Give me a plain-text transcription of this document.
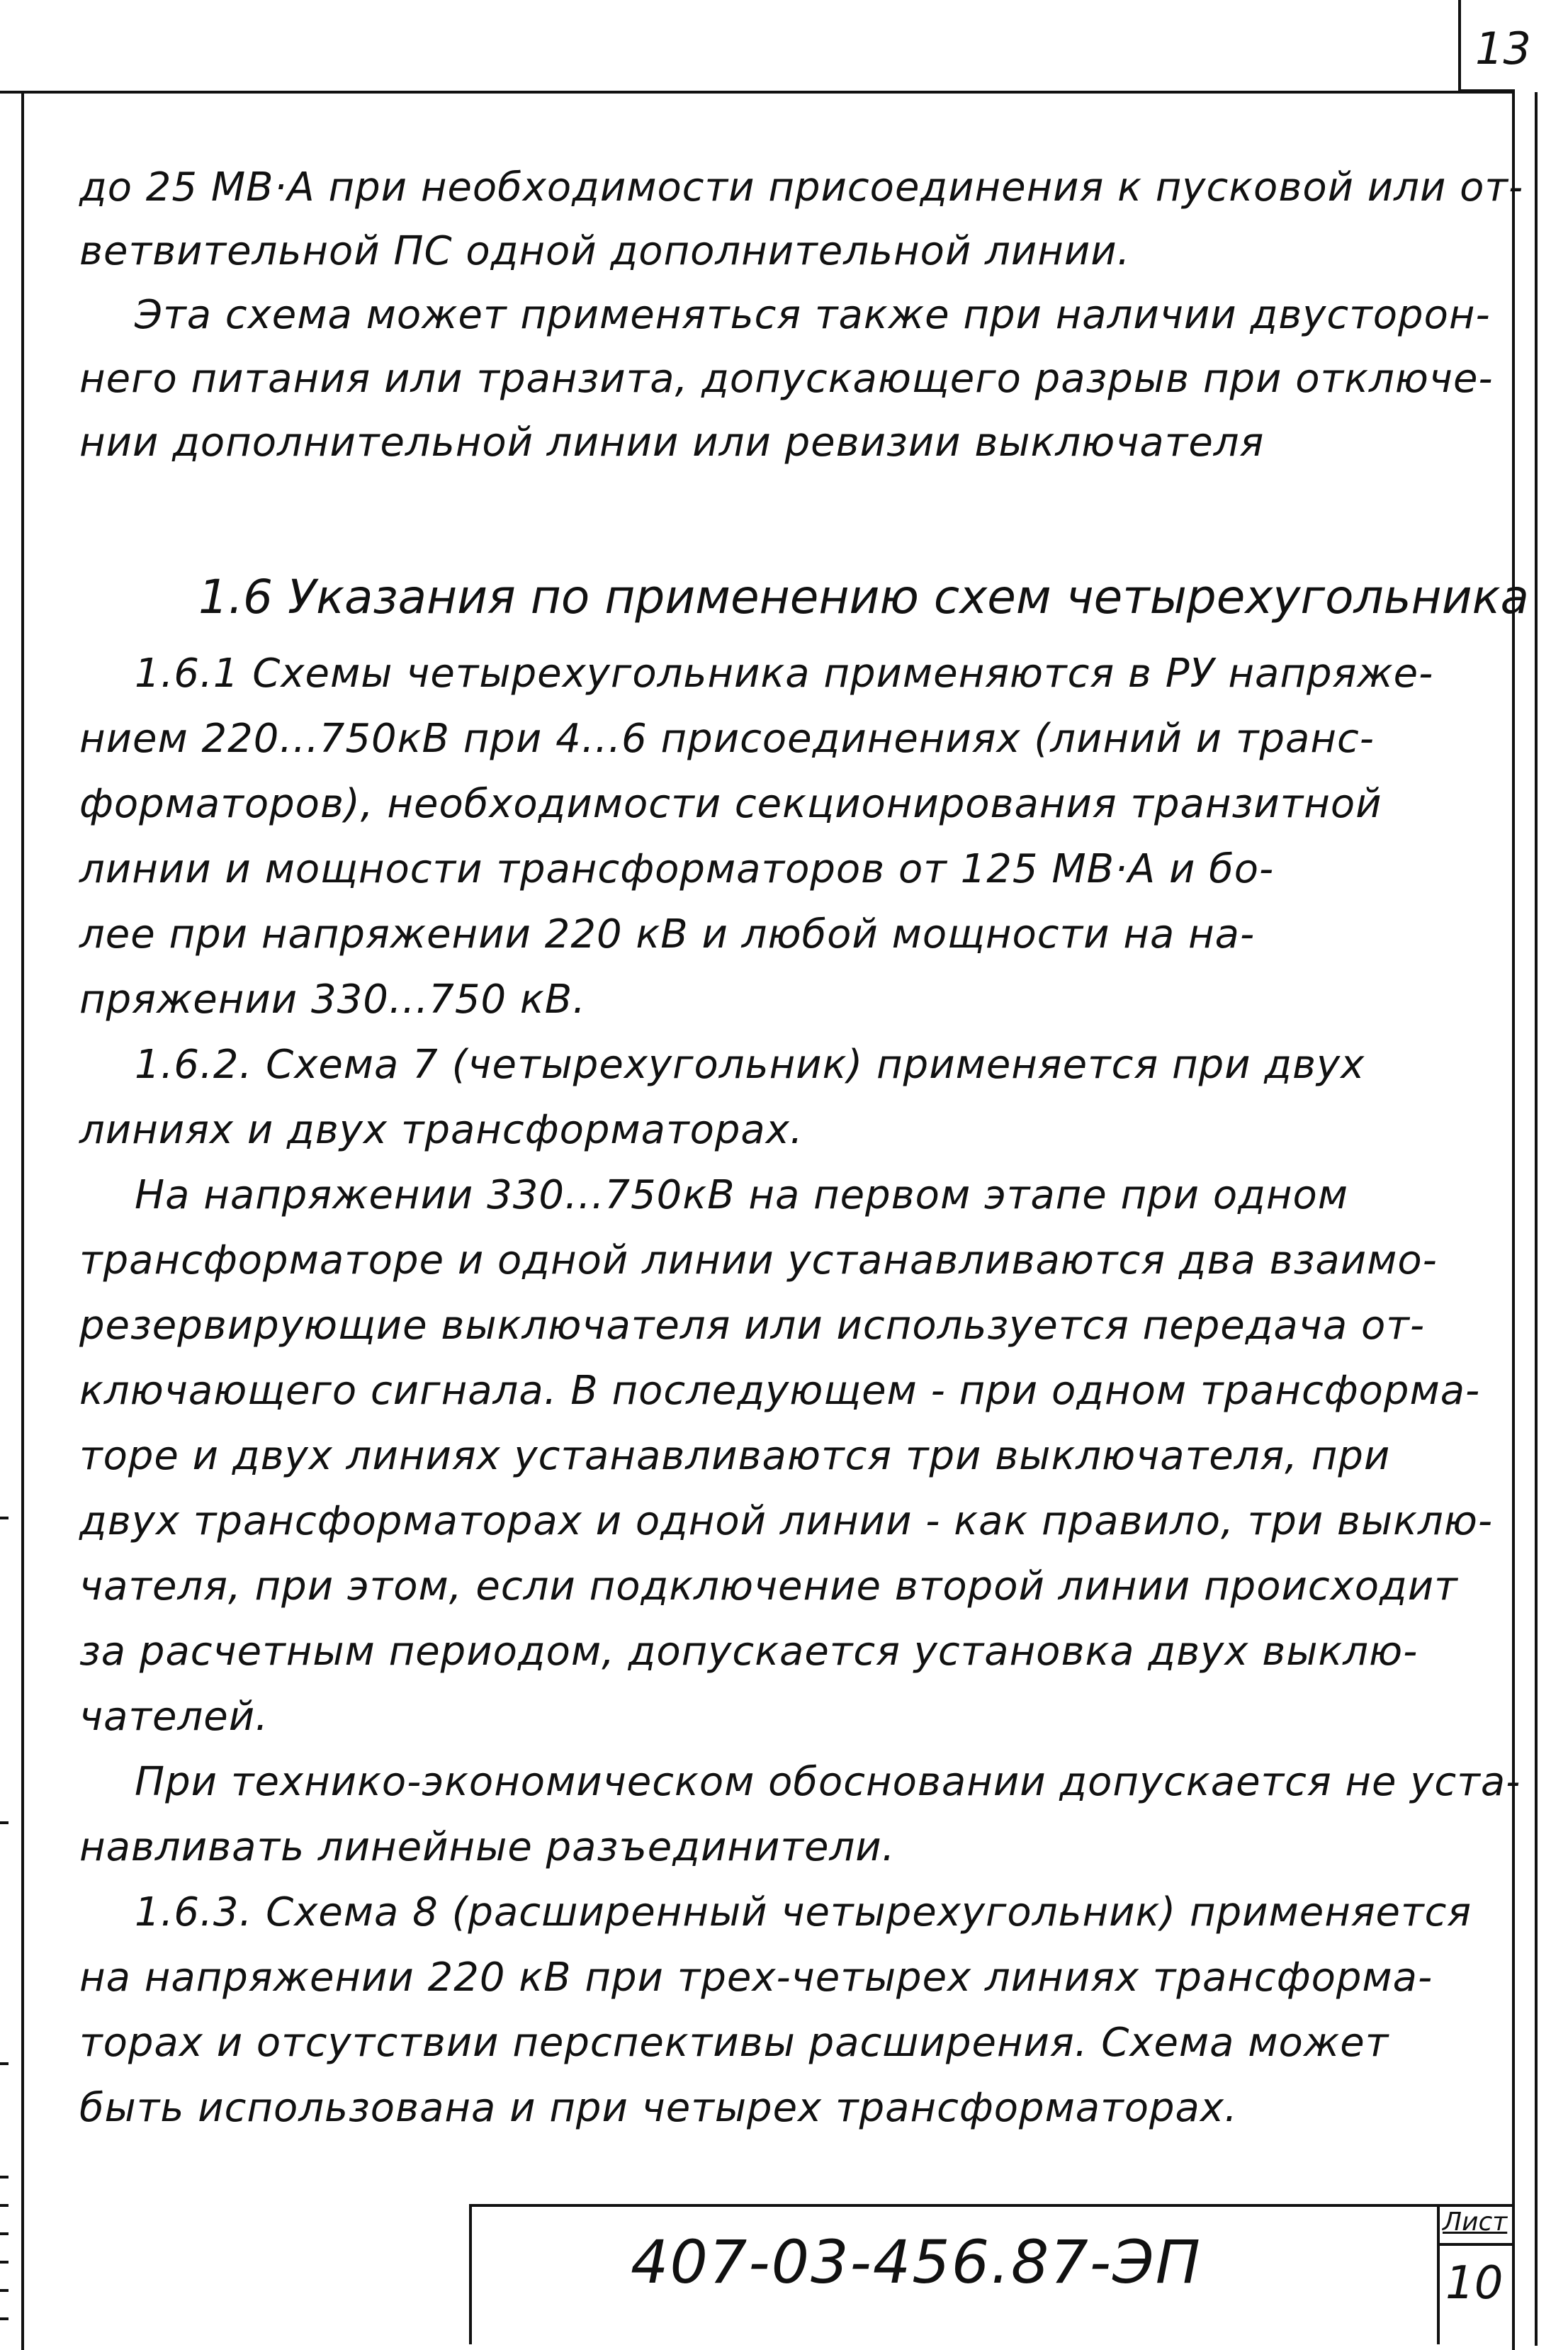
13
до 25 МВ·А при необходимости присоединения к пусковой или от-
ветвительной ПС одной дополнительной линии.
Эта схема может применяться также при наличии двусторон-
него питания или транзита, допускающего разрыв при отключе-
нии дополнительной линии или ревизии выключателя
1.6 Указания по применению схем четырехугольника
1.6.1 Схемы четырехугольника применяются в РУ напряже-
нием 220...750кВ при 4...6 присоединениях (линий и транс-
форматоров), необходимости секционирования транзитной
линии и мощности трансформаторов от 125 МВ·А и бо-
лее при напряжении 220 кВ и любой мощности на на-
пряжении 330...750 кВ.
1.6.2. Схема 7 (четырехугольник) применяется при двух
линиях и двух трансформаторах.
На напряжении 330...750кВ на первом этапе при одном
трансформаторе и одной линии устанавливаются два взаимо-
резервирующие выключателя или используется передача от-
ключающего сигнала. В последующем - при одном трансформа-
торе и двух линиях устанавливаются три выключателя, при
двух трансформаторах и одной линии - как правило, три выклю-
чателя, при этом, если подключение второй линии происходит
за расчетным периодом, допускается установка двух выклю-
чателей.
При технико-экономическом обосновании допускается не уста-
навливать линейные разъединители.
1.6.3. Схема 8 (расширенный четырехугольник) применяется
на напряжении 220 кВ при трех-четырех линиях трансформа-
торах и отсутствии перспективы расширения. Схема может
быть использована и при четырех трансформаторах.
407-03-456.87-ЭП
Лист
10
